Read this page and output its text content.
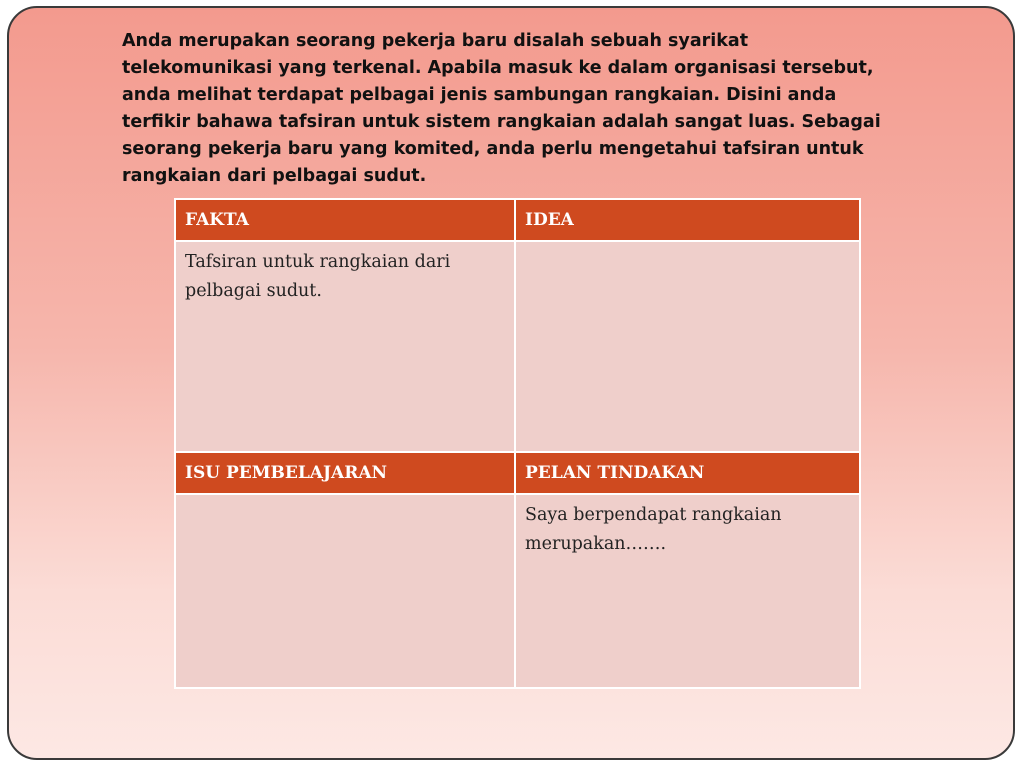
Anda merupakan seorang pekerja baru disalah sebuah syarikat
telekomunikasi yang terkenal. Apabila masuk ke dalam organisasi tersebut,
anda melihat terdapat pelbagai jenis sambungan rangkaian. Disini anda
terfikir bahawa tafsiran untuk sistem rangkaian adalah sangat luas. Sebagai
seorang pekerja baru yang komited, anda perlu mengetahui tafsiran untuk
rangkaian dari pelbagai sudut.

FAKTA	IDEA
Tafsiran untuk rangkaian dari
pelbagai sudut.	
ISU PEMBELAJARAN	PELAN TINDAKAN
	Saya berpendapat rangkaian
merupakan…….
